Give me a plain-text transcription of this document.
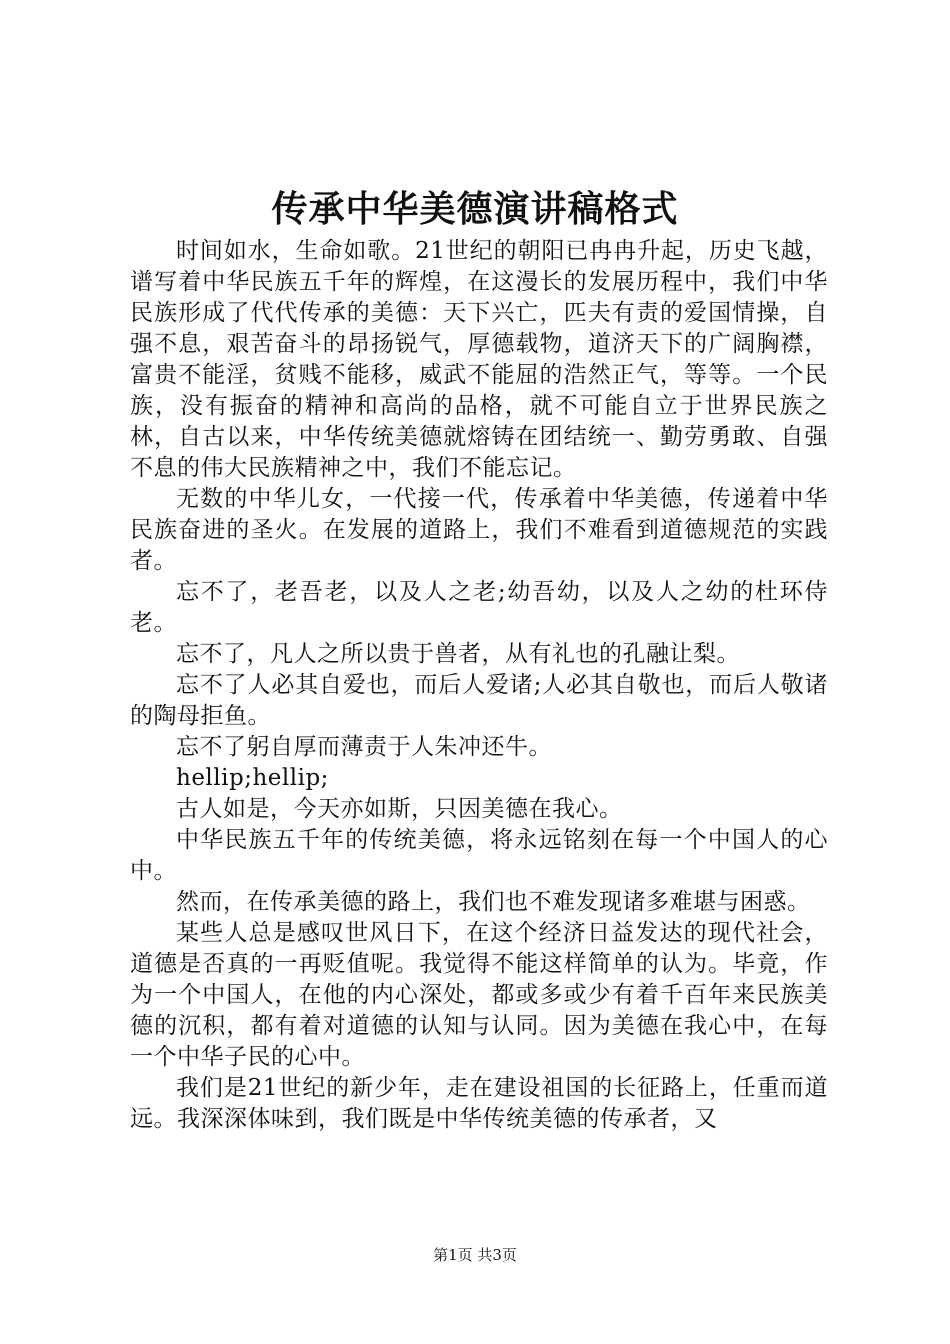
传承中华美德演讲稿格式

时间如水，生命如歌。21世纪的朝阳已冉冉升起，历史飞越，谱写着中华民族五千年的辉煌，在这漫长的发展历程中，我们中华民族形成了代代传承的美德：天下兴亡，匹夫有责的爱国情操，自强不息，艰苦奋斗的昂扬锐气，厚德载物，道济天下的广阔胸襟，富贵不能淫，贫贱不能移，威武不能屈的浩然正气，等等。一个民族，没有振奋的精神和高尚的品格，就不可能自立于世界民族之林，自古以来，中华传统美德就熔铸在团结统一、勤劳勇敢、自强不息的伟大民族精神之中，我们不能忘记。

无数的中华儿女，一代接一代，传承着中华美德，传递着中华民族奋进的圣火。在发展的道路上，我们不难看到道德规范的实践者。

忘不了，老吾老，以及人之老;幼吾幼，以及人之幼的杜环侍老。

忘不了，凡人之所以贵于兽者，从有礼也的孔融让梨。

忘不了人必其自爱也，而后人爱诸;人必其自敬也，而后人敬诸的陶母拒鱼。

忘不了躬自厚而薄责于人朱冲还牛。

hellip;hellip;

古人如是，今天亦如斯，只因美德在我心。

中华民族五千年的传统美德，将永远铭刻在每一个中国人的心中。

然而，在传承美德的路上，我们也不难发现诸多难堪与困惑。

某些人总是感叹世风日下，在这个经济日益发达的现代社会，道德是否真的一再贬值呢。我觉得不能这样简单的认为。毕竟，作为一个中国人，在他的内心深处，都或多或少有着千百年来民族美德的沉积，都有着对道德的认知与认同。因为美德在我心中，在每一个中华子民的心中。

我们是21世纪的新少年，走在建设祖国的长征路上，任重而道远。我深深体味到，我们既是中华传统美德的传承者，又

第1页 共3页
